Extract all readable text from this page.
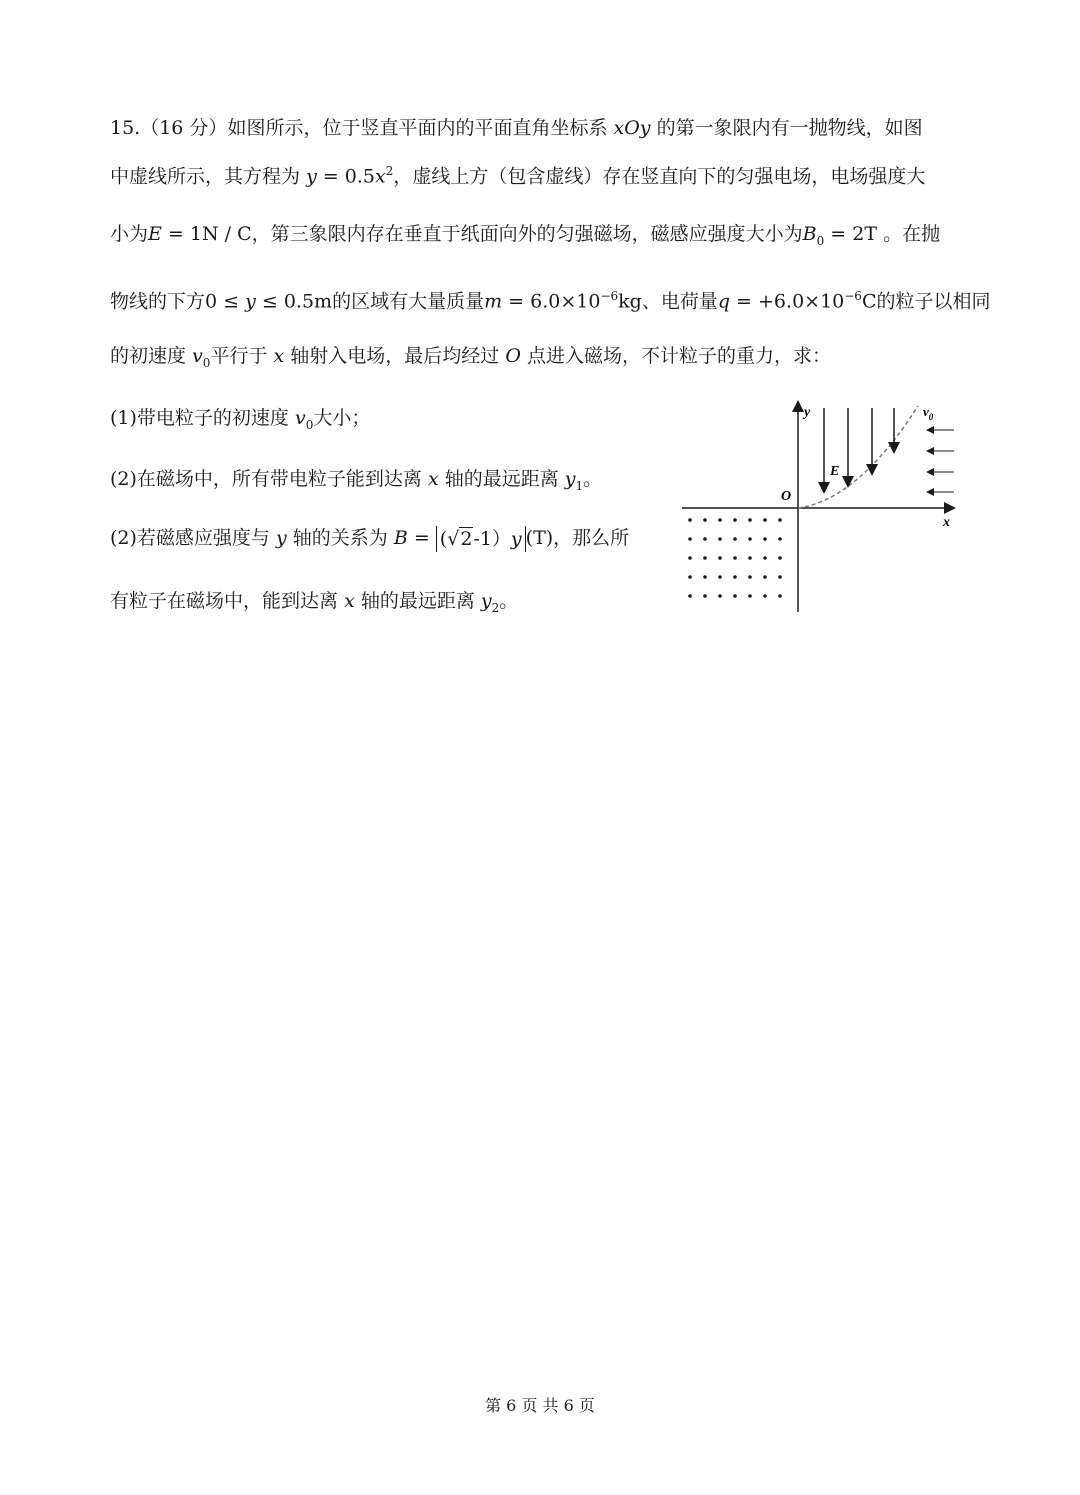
15.（16 分）如图所示，位于竖直平面内的平面直角坐标系 xOy 的第一象限内有一抛物线，如图
中虚线所示，其方程为 $y = 0.5x^2$，虚线上方（包含虚线）存在竖直向下的匀强电场，电场强度大
小为E = 1N / C，第三象限内存在垂直于纸面向外的匀强磁场，磁感应强度大小为$B_0 = 2T$ 。在抛
物线的下方0 ≤ y ≤ 0.5m的区域有大量质量$m = 6.0\times 10^{-6}kg$、电荷量$q = +6.0\times 10^{-6}C$的粒子以相同
的初速度 $v_0$平行于 x 轴射入电场，最后均经过 O 点进入磁场，不计粒子的重力，求：
(1)带电粒子的初速度 $v_0$大小；
(2)在磁场中，所有带电粒子能到达离 x 轴的最远距离 $y_1$。
(2)若磁感应强度与 y 轴的关系为 B = (√2-1）y (T)，那么所
有粒子在磁场中，能到达离 x 轴的最远距离 $y_2$。
y
x
O
E
$v_0$
第 6 页 共 6 页
